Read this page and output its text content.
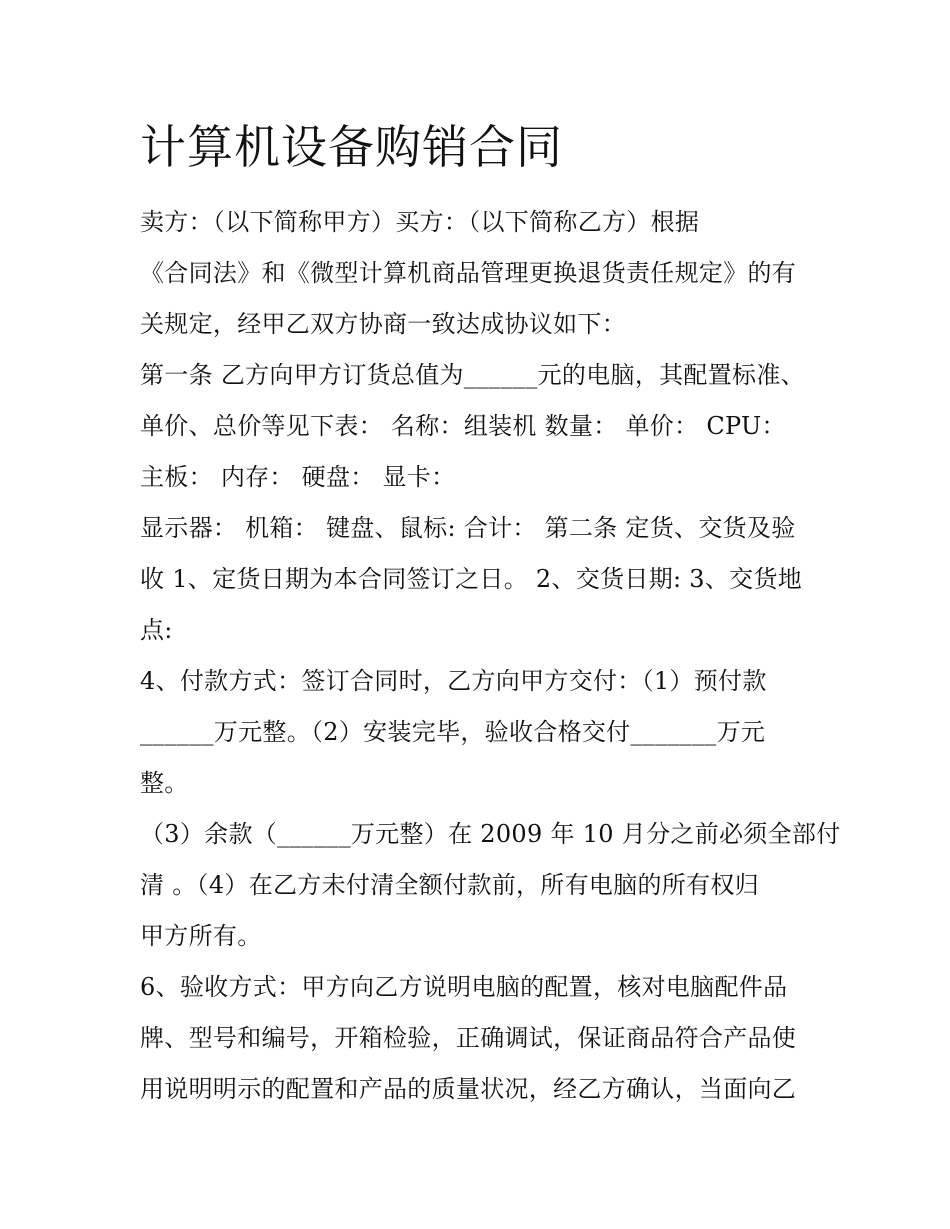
计算机设备购销合同
卖方：（以下简称甲方）买方：（以下简称乙方）根据
《合同法》和《微型计算机商品管理更换退货责任规定》的有
关规定，经甲乙双方协商一致达成协议如下：
第一条 乙方向甲方订货总值为______元的电脑，其配置标准、
单价、总价等见下表： 名称：组装机 数量： 单价： CPU：
主板： 内存： 硬盘： 显卡：
显示器： 机箱： 键盘、鼠标: 合计： 第二条 定货、交货及验
收 1、定货日期为本合同签订之日。 2、交货日期: 3、交货地
点:
4、付款方式：签订合同时，乙方向甲方交付：（1）预付款
______万元整。（2）安装完毕，验收合格交付_______万元
整。
（3）余款（______万元整）在 2009 年 10 月分之前必须全部付
清 。（4）在乙方未付清全额付款前，所有电脑的所有权归
甲方所有。
6、验收方式：甲方向乙方说明电脑的配置，核对电脑配件品
牌、型号和编号，开箱检验，正确调试，保证商品符合产品使
用说明明示的配置和产品的质量状况，经乙方确认，当面向乙
